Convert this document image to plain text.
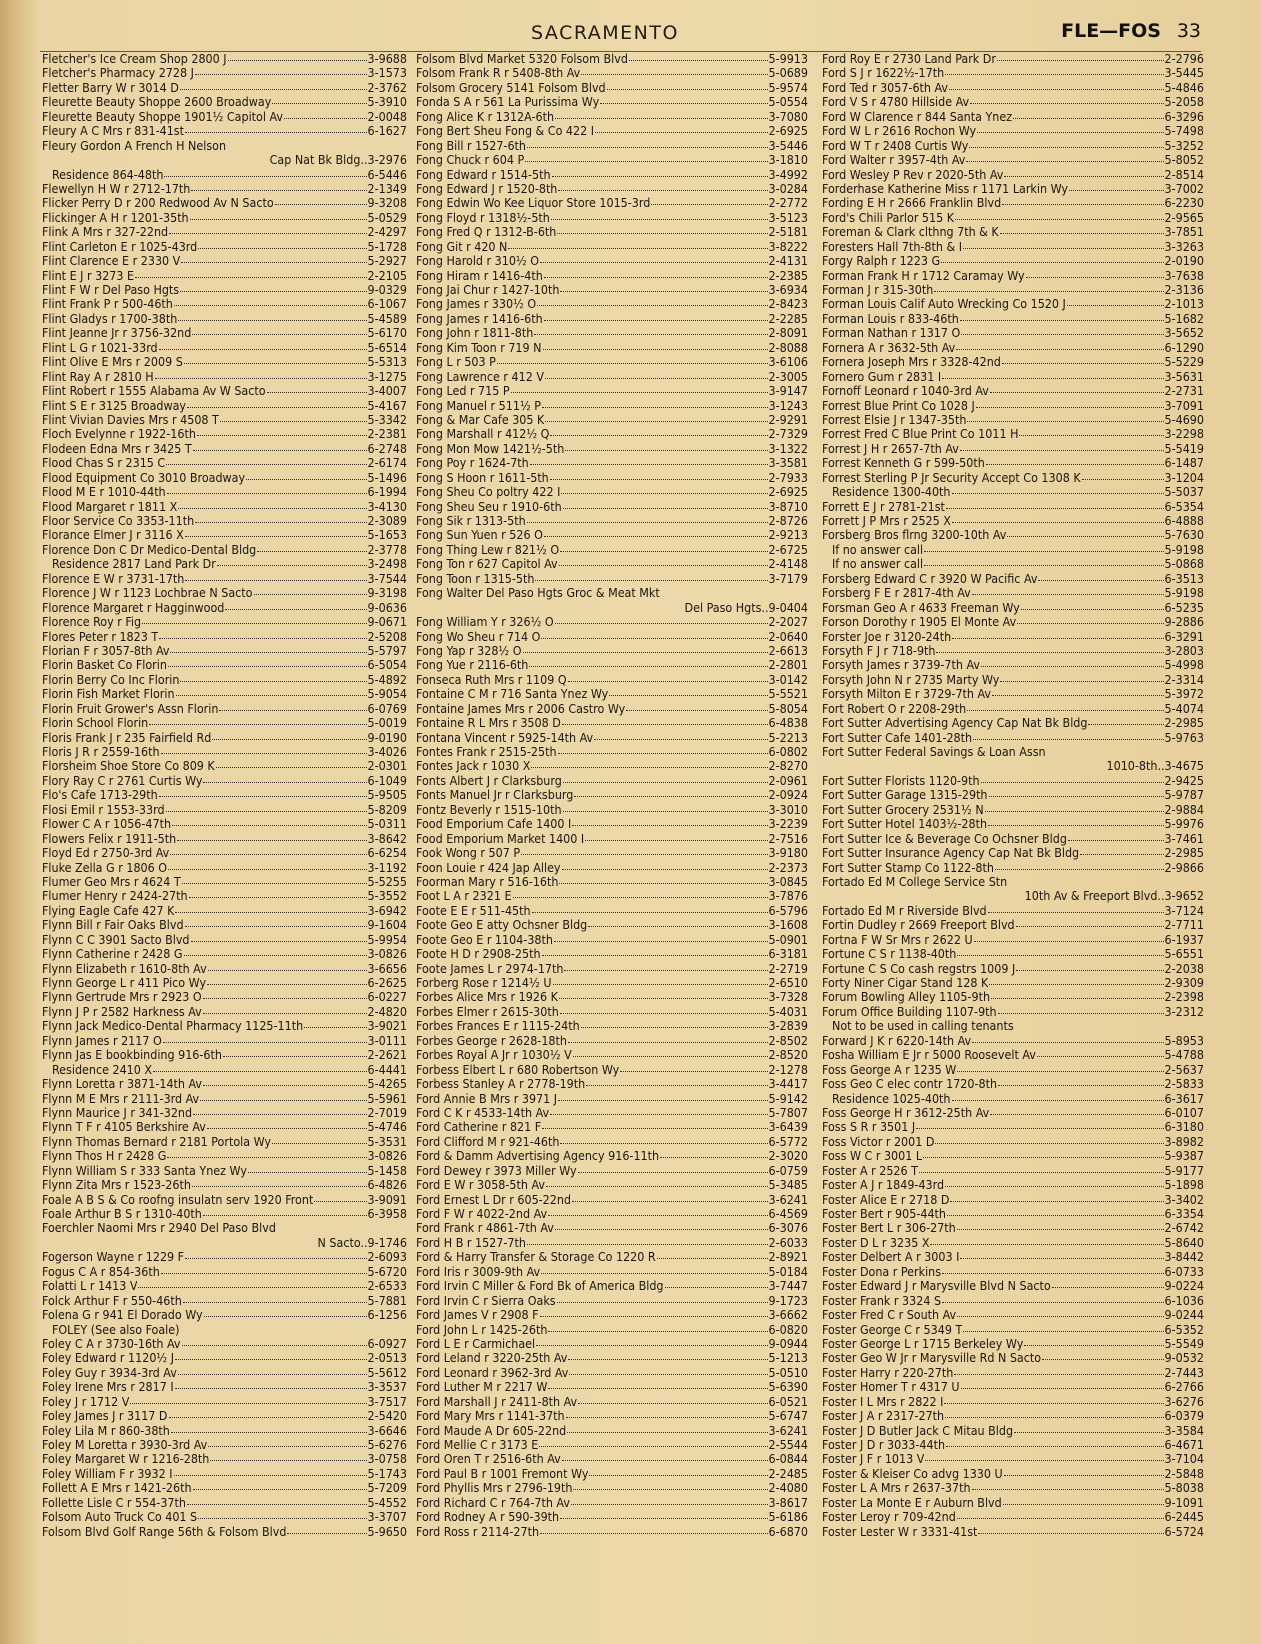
SACRAMENTO	FLE—FOS 33
Fletcher's Ice Cream Shop 2800 J	3-9688
Fletcher's Pharmacy 2728 J	3-1573
Fletter Barry W r 3014 D	2-3762
Fleurette Beauty Shoppe 2600 Broadway	5-3910
Fleurette Beauty Shoppe 1901½ Capitol Av	2-0048
Fleury A C Mrs r 831-41st	6-1627
Fleury Gordon A French H Nelson
Cap Nat Bk Bldg..3-2976
Residence 864-48th	6-5446
Flewellyn H W r 2712-17th	2-1349
Flicker Perry D r 200 Redwood Av N Sacto	9-3208
Flickinger A H r 1201-35th	5-0529
Flink A Mrs r 327-22nd	2-4297
Flint Carleton E r 1025-43rd	5-1728
Flint Clarence E r 2330 V	5-2927
Flint E J r 3273 E	2-2105
Flint F W r Del Paso Hgts	9-0329
Flint Frank P r 500-46th	6-1067
Flint Gladys r 1700-38th	5-4589
Flint Jeanne Jr r 3756-32nd	5-6170
Flint L G r 1021-33rd	5-6514
Flint Olive E Mrs r 2009 S	5-5313
Flint Ray A r 2810 H	3-1275
Flint Robert r 1555 Alabama Av W Sacto	3-4007
Flint S E r 3125 Broadway	5-4167
Flint Vivian Davies Mrs r 4508 T	5-3342
Floch Evelynne r 1922-16th	2-2381
Flodeen Edna Mrs r 3425 T	6-2748
Flood Chas S r 2315 C	2-6174
Flood Equipment Co 3010 Broadway	5-1496
Flood M E r 1010-44th	6-1994
Flood Margaret r 1811 X	3-4130
Floor Service Co 3353-11th	2-3089
Florance Elmer J r 3116 X	5-1653
Florence Don C Dr Medico-Dental Bldg	2-3778
Residence 2817 Land Park Dr	3-2498
Florence E W r 3731-17th	3-7544
Florence J W r 1123 Lochbrae N Sacto	9-3198
Florence Margaret r Hagginwood	9-0636
Florence Roy r Fig	9-0671
Flores Peter r 1823 T	2-5208
Florian F r 3057-8th Av	5-5797
Florin Basket Co Florin	6-5054
Florin Berry Co Inc Florin	5-4892
Florin Fish Market Florin	5-9054
Florin Fruit Grower's Assn Florin	6-0769
Florin School Florin	5-0019
Floris Frank J r 235 Fairfield Rd	9-0190
Floris J R r 2559-16th	3-4026
Florsheim Shoe Store Co 809 K	2-0301
Flory Ray C r 2761 Curtis Wy	6-1049
Flo's Cafe 1713-29th	5-9505
Flosi Emil r 1553-33rd	5-8209
Flower C A r 1056-47th	5-0311
Flowers Felix r 1911-5th	3-8642
Floyd Ed r 2750-3rd Av	6-6254
Fluke Zella G r 1806 O	3-1192
Flumer Geo Mrs r 4624 T	5-5255
Flumer Henry r 2424-27th	5-3552
Flying Eagle Cafe 427 K	3-6942
Flynn Bill r Fair Oaks Blvd	9-1604
Flynn C C 3901 Sacto Blvd	5-9954
Flynn Catherine r 2428 G	3-0826
Flynn Elizabeth r 1610-8th Av	3-6656
Flynn George L r 411 Pico Wy	6-2625
Flynn Gertrude Mrs r 2923 O	6-0227
Flynn J P r 2582 Harkness Av	2-4820
Flynn Jack Medico-Dental Pharmacy 1125-11th	3-9021
Flynn James r 2117 O	3-0111
Flynn Jas E bookbinding 916-6th	2-2621
Residence 2410 X	6-4441
Flynn Loretta r 3871-14th Av	5-4265
Flynn M E Mrs r 2111-3rd Av	5-5961
Flynn Maurice J r 341-32nd	2-7019
Flynn T F r 4105 Berkshire Av	5-4746
Flynn Thomas Bernard r 2181 Portola Wy	5-3531
Flynn Thos H r 2428 G	3-0826
Flynn William S r 333 Santa Ynez Wy	5-1458
Flynn Zita Mrs r 1523-26th	6-4826
Foale A B S & Co roofng insulatn serv 1920 Front	3-9091
Foale Arthur B S r 1310-40th	6-3958
Foerchler Naomi Mrs r 2940 Del Paso Blvd
N Sacto..9-1746
Fogerson Wayne r 1229 F	2-6093
Fogus C A r 854-36th	5-6720
Folatti L r 1413 V	2-6533
Folck Arthur F r 550-46th	5-7881
Folena G r 941 El Dorado Wy	6-1256
FOLEY (See also Foale)
Foley C A r 3730-16th Av	6-0927
Foley Edward r 1120½ J	2-0513
Foley Guy r 3934-3rd Av	5-5612
Foley Irene Mrs r 2817 I	3-3537
Foley J r 1712 V	3-7517
Foley James J r 3117 D	2-5420
Foley Lila M r 860-38th	3-6646
Foley M Loretta r 3930-3rd Av	5-6276
Foley Margaret W r 1216-28th	3-0758
Foley William F r 3932 I	5-1743
Follett A E Mrs r 1421-26th	5-7209
Follette Lisle C r 554-37th	5-4552
Folsom Auto Truck Co 401 S	3-3707
Folsom Blvd Golf Range 56th & Folsom Blvd	5-9650
Folsom Blvd Market 5320 Folsom Blvd	5-9913
Folsom Frank R r 5408-8th Av	5-0689
Folsom Grocery 5141 Folsom Blvd	5-9574
Fonda S A r 561 La Purissima Wy	5-0554
Fong Alice K r 1312A-6th	3-7080
Fong Bert Sheu Fong & Co 422 I	2-6925
Fong Bill r 1527-6th	3-5446
Fong Chuck r 604 P	3-1810
Fong Edward r 1514-5th	3-4992
Fong Edward J r 1520-8th	3-0284
Fong Edwin Wo Kee Liquor Store 1015-3rd	2-2772
Fong Floyd r 1318½-5th	3-5123
Fong Fred Q r 1312-B-6th	2-5181
Fong Git r 420 N	3-8222
Fong Harold r 310½ O	2-4131
Fong Hiram r 1416-4th	2-2385
Fong Jai Chur r 1427-10th	3-6934
Fong James r 330½ O	2-8423
Fong James r 1416-6th	2-2285
Fong John r 1811-8th	2-8091
Fong Kim Toon r 719 N	2-8088
Fong L r 503 P	3-6106
Fong Lawrence r 412 V	2-3005
Fong Led r 715 P	3-9147
Fong Manuel r 511½ P	3-1243
Fong & Mar Cafe 305 K	2-9291
Fong Marshall r 412½ Q	2-7329
Fong Mon Mow 1421½-5th	3-1322
Fong Poy r 1624-7th	3-3581
Fong S Hoon r 1611-5th	2-7933
Fong Sheu Co poltry 422 I	2-6925
Fong Sheu Seu r 1910-6th	3-8710
Fong Sik r 1313-5th	2-8726
Fong Sun Yuen r 526 O	2-9213
Fong Thing Lew r 821½ O	2-6725
Fong Ton r 627 Capitol Av	2-4148
Fong Toon r 1315-5th	3-7179
Fong Walter Del Paso Hgts Groc & Meat Mkt
Del Paso Hgts..9-0404
Fong William Y r 326½ O	2-2027
Fong Wo Sheu r 714 O	2-0640
Fong Yap r 328½ O	2-6613
Fong Yue r 2116-6th	2-2801
Fonseca Ruth Mrs r 1109 Q	3-0142
Fontaine C M r 716 Santa Ynez Wy	5-5521
Fontaine James Mrs r 2006 Castro Wy	5-8054
Fontaine R L Mrs r 3508 D	6-4838
Fontana Vincent r 5925-14th Av	5-2213
Fontes Frank r 2515-25th	6-0802
Fontes Jack r 1030 X	2-8270
Fonts Albert J r Clarksburg	2-0961
Fonts Manuel Jr r Clarksburg	2-0924
Fontz Beverly r 1515-10th	3-3010
Food Emporium Cafe 1400 I	3-2239
Food Emporium Market 1400 I	2-7516
Fook Wong r 507 P	3-9180
Foon Louie r 424 Jap Alley	2-2373
Foorman Mary r 516-16th	3-0845
Foot L A r 2321 E	3-7876
Foote E E r 511-45th	6-5796
Foote Geo E atty Ochsner Bldg	3-1608
Foote Geo E r 1104-38th	5-0901
Foote H D r 2908-25th	6-3181
Foote James L r 2974-17th	2-2719
Forberg Rose r 1214½ U	2-6510
Forbes Alice Mrs r 1926 K	3-7328
Forbes Elmer r 2615-30th	5-4031
Forbes Frances E r 1115-24th	3-2839
Forbes George r 2628-18th	2-8502
Forbes Royal A Jr r 1030½ V	2-8520
Forbess Elbert L r 680 Robertson Wy	2-1278
Forbess Stanley A r 2778-19th	3-4417
Ford Annie B Mrs r 3971 J	5-9142
Ford C K r 4533-14th Av	5-7807
Ford Catherine r 821 F	3-6439
Ford Clifford M r 921-46th	6-5772
Ford & Damm Advertising Agency 916-11th	2-3020
Ford Dewey r 3973 Miller Wy	6-0759
Ford E W r 3058-5th Av	5-3485
Ford Ernest L Dr r 605-22nd	3-6241
Ford F W r 4022-2nd Av	6-4569
Ford Frank r 4861-7th Av	6-3076
Ford H B r 1527-7th	2-6033
Ford & Harry Transfer & Storage Co 1220 R	2-8921
Ford Iris r 3009-9th Av	5-0184
Ford Irvin C Miller & Ford Bk of America Bldg	3-7447
Ford Irvin C r Sierra Oaks	9-1723
Ford James V r 2908 F	3-6662
Ford John L r 1425-26th	6-0820
Ford L E r Carmichael	9-0944
Ford Leland r 3220-25th Av	5-1213
Ford Leonard r 3962-3rd Av	5-0510
Ford Luther M r 2217 W	5-6390
Ford Marshall J r 2411-8th Av	6-0521
Ford Mary Mrs r 1141-37th	5-6747
Ford Maude A Dr 605-22nd	3-6241
Ford Mellie C r 3173 E	2-5544
Ford Oren T r 2516-6th Av	6-0844
Ford Paul B r 1001 Fremont Wy	2-2485
Ford Phyllis Mrs r 2796-19th	2-4080
Ford Richard C r 764-7th Av	3-8617
Ford Rodney A r 590-39th	5-6186
Ford Ross r 2114-27th	6-6870
Ford Roy E r 2730 Land Park Dr	2-2796
Ford S J r 1622½-17th	3-5445
Ford Ted r 3057-6th Av	5-4846
Ford V S r 4780 Hillside Av	5-2058
Ford W Clarence r 844 Santa Ynez	6-3296
Ford W L r 2616 Rochon Wy	5-7498
Ford W T r 2408 Curtis Wy	5-3252
Ford Walter r 3957-4th Av	5-8052
Ford Wesley P Rev r 2020-5th Av	2-8514
Forderhase Katherine Miss r 1171 Larkin Wy	3-7002
Fording E H r 2666 Franklin Blvd	6-2230
Ford's Chili Parlor 515 K	2-9565
Foreman & Clark clthng 7th & K	3-7851
Foresters Hall 7th-8th & I	3-3263
Forgy Ralph r 1223 G	2-0190
Forman Frank H r 1712 Caramay Wy	3-7638
Forman J r 315-30th	2-3136
Forman Louis Calif Auto Wrecking Co 1520 J	2-1013
Forman Louis r 833-46th	5-1682
Forman Nathan r 1317 O	3-5652
Fornera A r 3632-5th Av	6-1290
Fornera Joseph Mrs r 3328-42nd	5-5229
Fornero Gum r 2831 I	3-5631
Fornoff Leonard r 1040-3rd Av	2-2731
Forrest Blue Print Co 1028 J	3-7091
Forrest Elsie J r 1347-35th	5-4690
Forrest Fred C Blue Print Co 1011 H	3-2298
Forrest J H r 2657-7th Av	5-5419
Forrest Kenneth G r 599-50th	6-1487
Forrest Sterling P Jr Security Accept Co 1308 K	3-1204
Residence 1300-40th	5-5037
Forrett E J r 2781-21st	6-5354
Forrett J P Mrs r 2525 X	6-4888
Forsberg Bros flrng 3200-10th Av	5-7630
If no answer call	5-9198
If no answer call	5-0868
Forsberg Edward C r 3920 W Pacific Av	6-3513
Forsberg F E r 2817-4th Av	5-9198
Forsman Geo A r 4633 Freeman Wy	6-5235
Forson Dorothy r 1905 El Monte Av	9-2886
Forster Joe r 3120-24th	6-3291
Forsyth F J r 718-9th	3-2803
Forsyth James r 3739-7th Av	5-4998
Forsyth John N r 2735 Marty Wy	2-3314
Forsyth Milton E r 3729-7th Av	5-3972
Fort Robert O r 2208-29th	5-4074
Fort Sutter Advertising Agency Cap Nat Bk Bldg	2-2985
Fort Sutter Cafe 1401-28th	5-9763
Fort Sutter Federal Savings & Loan Assn
1010-8th..3-4675
Fort Sutter Florists 1120-9th	2-9425
Fort Sutter Garage 1315-29th	5-9787
Fort Sutter Grocery 2531½ N	2-9884
Fort Sutter Hotel 1403½-28th	5-9976
Fort Sutter Ice & Beverage Co Ochsner Bldg	3-7461
Fort Sutter Insurance Agency Cap Nat Bk Bldg	2-2985
Fort Sutter Stamp Co 1122-8th	2-9866
Fortado Ed M College Service Stn
10th Av & Freeport Blvd..3-9652
Fortado Ed M r Riverside Blvd	3-7124
Fortin Dudley r 2669 Freeport Blvd	2-7711
Fortna F W Sr Mrs r 2622 U	6-1937
Fortune C S r 1138-40th	5-6551
Fortune C S Co cash regstrs 1009 J	2-2038
Forty Niner Cigar Stand 128 K	2-9309
Forum Bowling Alley 1105-9th	2-2398
Forum Office Building 1107-9th	3-2312
Not to be used in calling tenants
Forward J K r 6220-14th Av	5-8953
Fosha William E Jr r 5000 Roosevelt Av	5-4788
Foss George A r 1235 W	2-5637
Foss Geo C elec contr 1720-8th	2-5833
Residence 1025-40th	6-3617
Foss George H r 3612-25th Av	6-0107
Foss S R r 3501 J	6-3180
Foss Victor r 2001 D	3-8982
Foss W C r 3001 L	5-9387
Foster A r 2526 T	5-9177
Foster A J r 1849-43rd	5-1898
Foster Alice E r 2718 D	3-3402
Foster Bert r 905-44th	6-3354
Foster Bert L r 306-27th	2-6742
Foster D L r 3235 X	5-8640
Foster Delbert A r 3003 I	3-8442
Foster Dona r Perkins	6-0733
Foster Edward J r Marysville Blvd N Sacto	9-0224
Foster Frank r 3324 S	6-1036
Foster Fred C r South Av	9-0244
Foster George C r 5349 T	6-5352
Foster George L r 1715 Berkeley Wy	5-5549
Foster Geo W Jr r Marysville Rd N Sacto	9-0532
Foster Harry r 220-27th	2-7443
Foster Homer T r 4317 U	6-2766
Foster I L Mrs r 2822 I	3-6276
Foster J A r 2317-27th	6-0379
Foster J D Butler Jack C Mitau Bldg	3-3584
Foster J D r 3033-44th	6-4671
Foster J F r 1013 V	3-7104
Foster & Kleiser Co advg 1330 U	2-5848
Foster L A Mrs r 2637-37th	5-8038
Foster La Monte E r Auburn Blvd	9-1091
Foster Leroy r 709-42nd	6-2445
Foster Lester W r 3331-41st	6-5724
